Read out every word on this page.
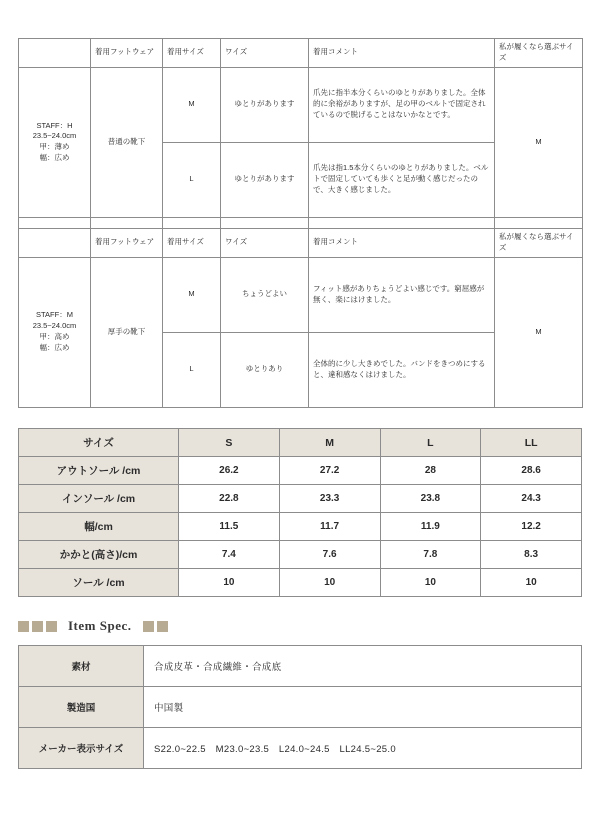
	着用フットウェア	着用サイズ	ワイズ	着用コメント	私が履くなら選ぶサイズ
STAFF：H
23.5~24.0cm
甲：薄め
幅：広め	普通の靴下	M	ゆとりがあります	爪先に指半本分くらいのゆとりがありました。全体的に余裕がありますが、足の甲のベルトで固定されているので脱げることはないかなとです。	M
		L	ゆとりがあります	爪先は指1.5本分くらいのゆとりがありました。ベルトで固定していても歩くと足が動く感じだったので、大きく感じました。	

	着用フットウェア	着用サイズ	ワイズ	着用コメント	私が履くなら選ぶサイズ
STAFF：M
23.5~24.0cm
甲：高め
幅：広め	厚手の靴下	M	ちょうどよい	フィット感がありちょうどよい感じです。窮屈感が無く、楽にはけました。	M
		L	ゆとりあり	全体的に少し大きめでした。バンドをきつめにすると、違和感なくはけました。	
サイズ	S	M	L	LL
アウトソール /cm	26.2	27.2	28	28.6
インソール /cm	22.8	23.3	23.8	24.3
幅/cm	11.5	11.7	11.9	12.2
かかと(高さ)/cm	7.4	7.6	7.8	8.3
ソール /cm	10	10	10	10
Item Spec.
素材	合成皮革・合成繊維・合成底
製造国	中国製
メーカー表示サイズ	S22.0~22.5　M23.0~23.5　L24.0~24.5　LL24.5~25.0
